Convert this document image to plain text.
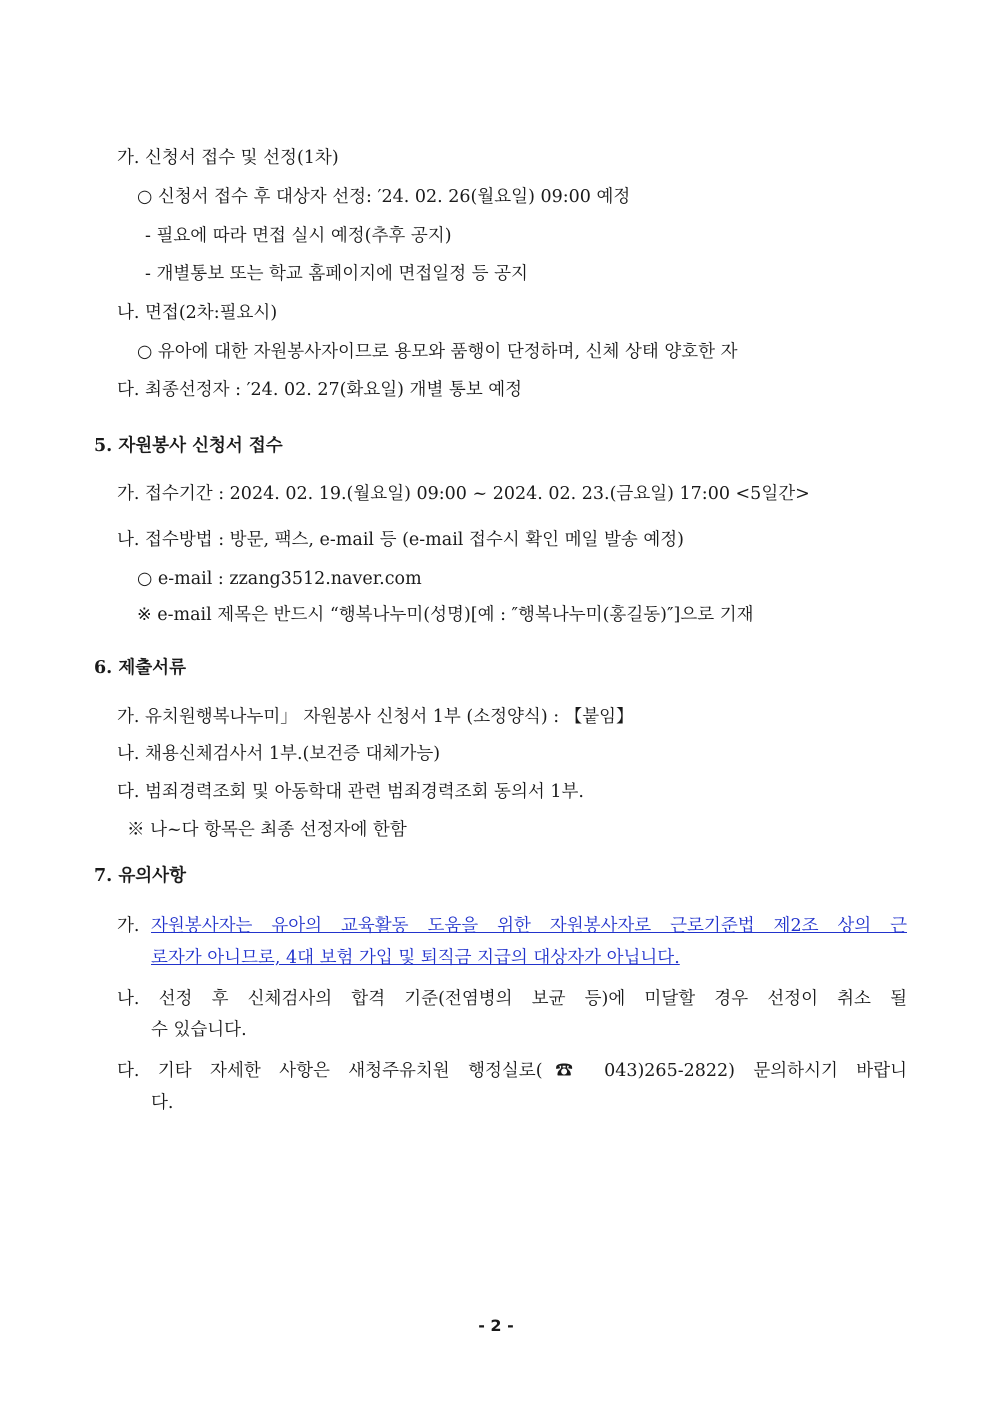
가. 신청서 접수 및 선정(1차)
○ 신청서 접수 후 대상자 선정: ′24. 02. 26(월요일) 09:00 예정
- 필요에 따라 면접 실시 예정(추후 공지)
- 개별통보 또는 학교 홈페이지에 면접일정 등 공지
나. 면접(2차:필요시)
○ 유아에 대한 자원봉사자이므로 용모와 품행이 단정하며, 신체 상태 양호한 자
다. 최종선정자 : ′24. 02. 27(화요일) 개별 통보 예정
5. 자원봉사 신청서 접수
가. 접수기간 : 2024. 02. 19.(월요일) 09:00 ~ 2024. 02. 23.(금요일) 17:00 <5일간>
나. 접수방법 : 방문, 팩스, e-mail 등 (e-mail 접수시 확인 메일 발송 예정)
○ e-mail : zzang3512.naver.com
※ e-mail 제목은 반드시 “행복나누미(성명)[예 : ″행복나누미(홍길동)″]으로 기재
6. 제출서류
가. 유치원행복나누미」 자원봉사 신청서 1부 (소정양식) : 【붙임】
나. 채용신체검사서 1부.(보건증 대체가능)
다. 범죄경력조회 및 아동학대 관련 범죄경력조회 동의서 1부.
※ 나~다 항목은 최종 선정자에 한함
7. 유의사항
가. 자원봉사자는 유아의 교육활동 도움을 위한 자원봉사자로 근로기준법 제2조 상의 근
로자가 아니므로, 4대 보험 가입 및 퇴직금 지급의 대상자가 아닙니다.
나. 선정 후 신체검사의 합격 기준(전염병의 보균 등)에 미달할 경우 선정이 취소 될
수 있습니다.
다. 기타 자세한 사항은 새청주유치원 행정실로(☎ 043)265-2822) 문의하시기 바랍니
다.
- 2 -
